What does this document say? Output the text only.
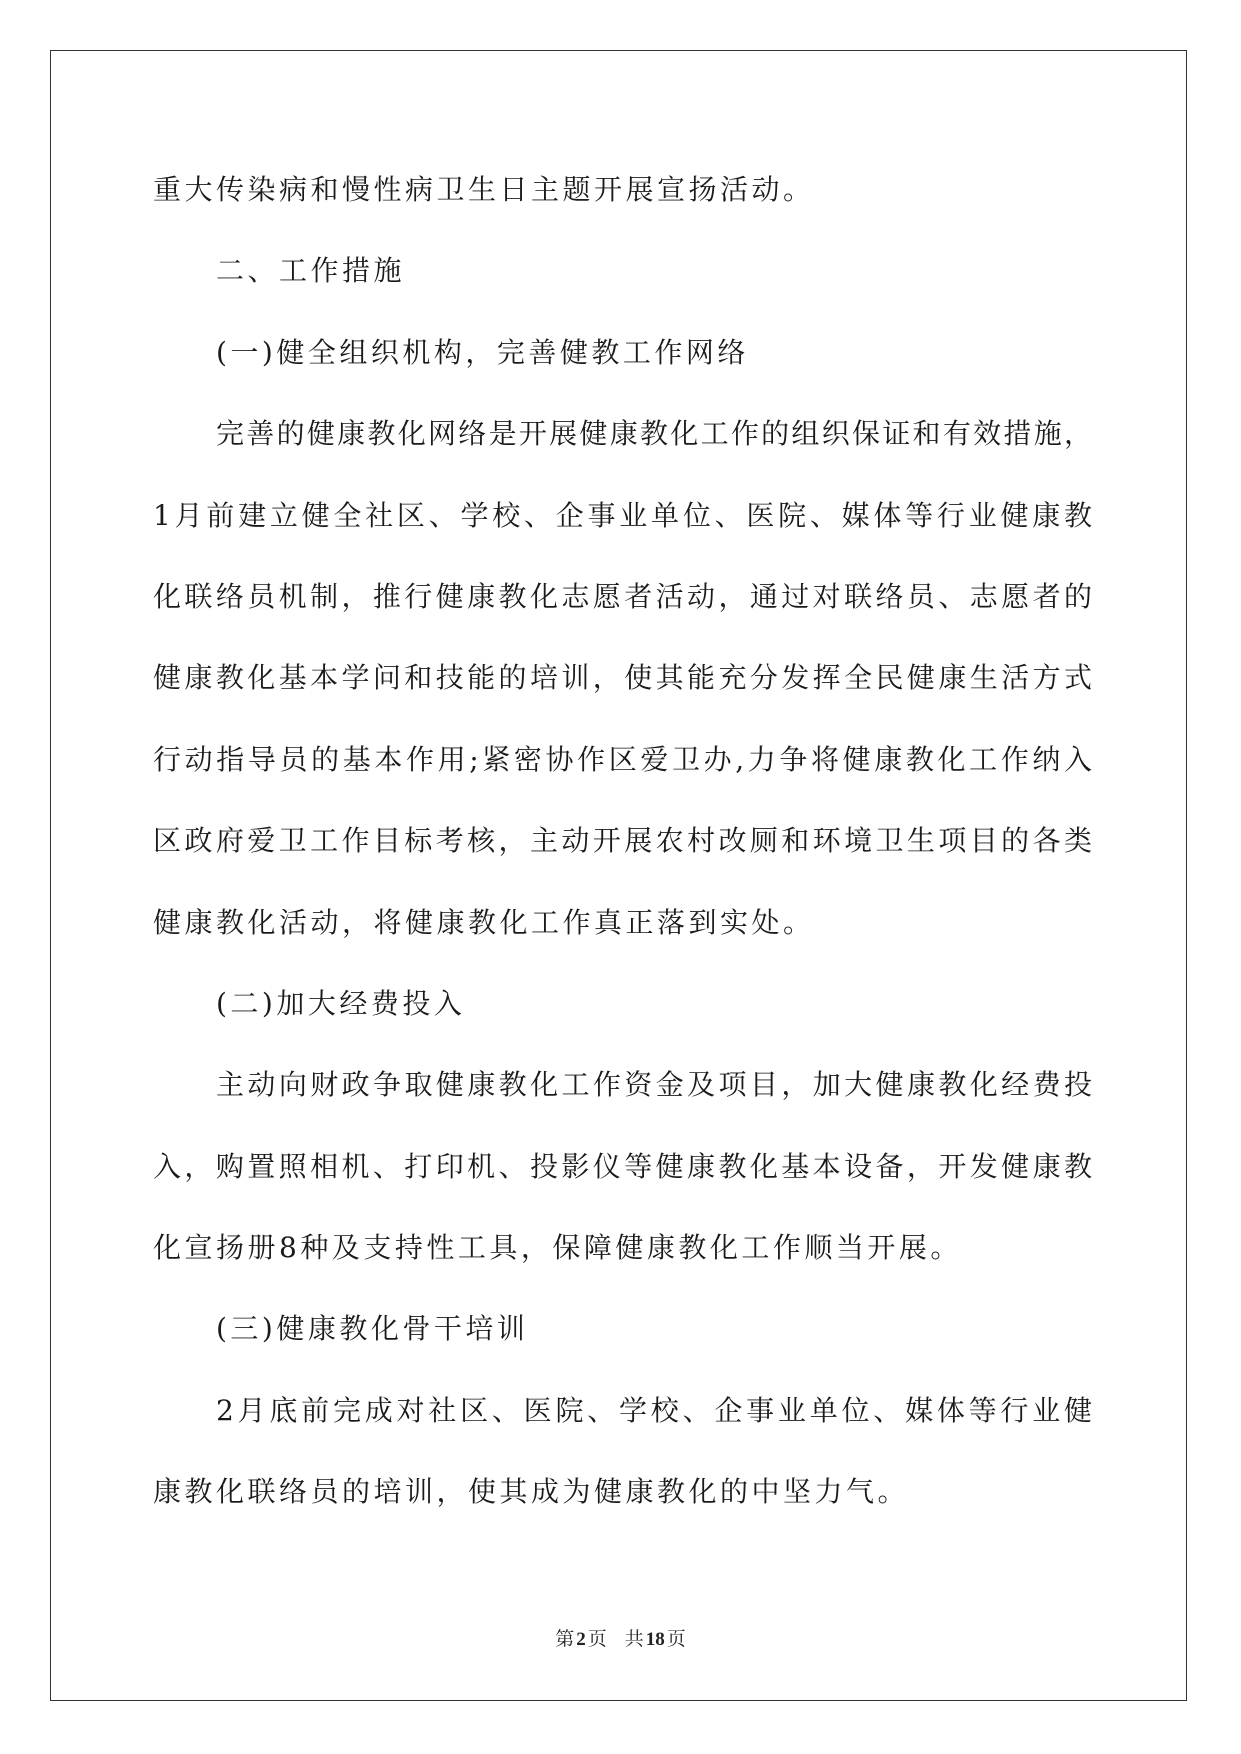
重大传染病和慢性病卫生日主题开展宣扬活动。
二、工作措施
(一)健全组织机构，完善健教工作网络
完善的健康教化网络是开展健康教化工作的组织保证和有效措施，
1月前建立健全社区、学校、企事业单位、医院、媒体等行业健康教
化联络员机制，推行健康教化志愿者活动，通过对联络员、志愿者的
健康教化基本学问和技能的培训，使其能充分发挥全民健康生活方式
行动指导员的基本作用;紧密协作区爱卫办,力争将健康教化工作纳入
区政府爱卫工作目标考核，主动开展农村改厕和环境卫生项目的各类
健康教化活动，将健康教化工作真正落到实处。
(二)加大经费投入
主动向财政争取健康教化工作资金及项目，加大健康教化经费投
入，购置照相机、打印机、投影仪等健康教化基本设备，开发健康教
化宣扬册8种及支持性工具，保障健康教化工作顺当开展。
(三)健康教化骨干培训
2月底前完成对社区、医院、学校、企事业单位、媒体等行业健
康教化联络员的培训，使其成为健康教化的中坚力气。
第 2 页 共 18 页
